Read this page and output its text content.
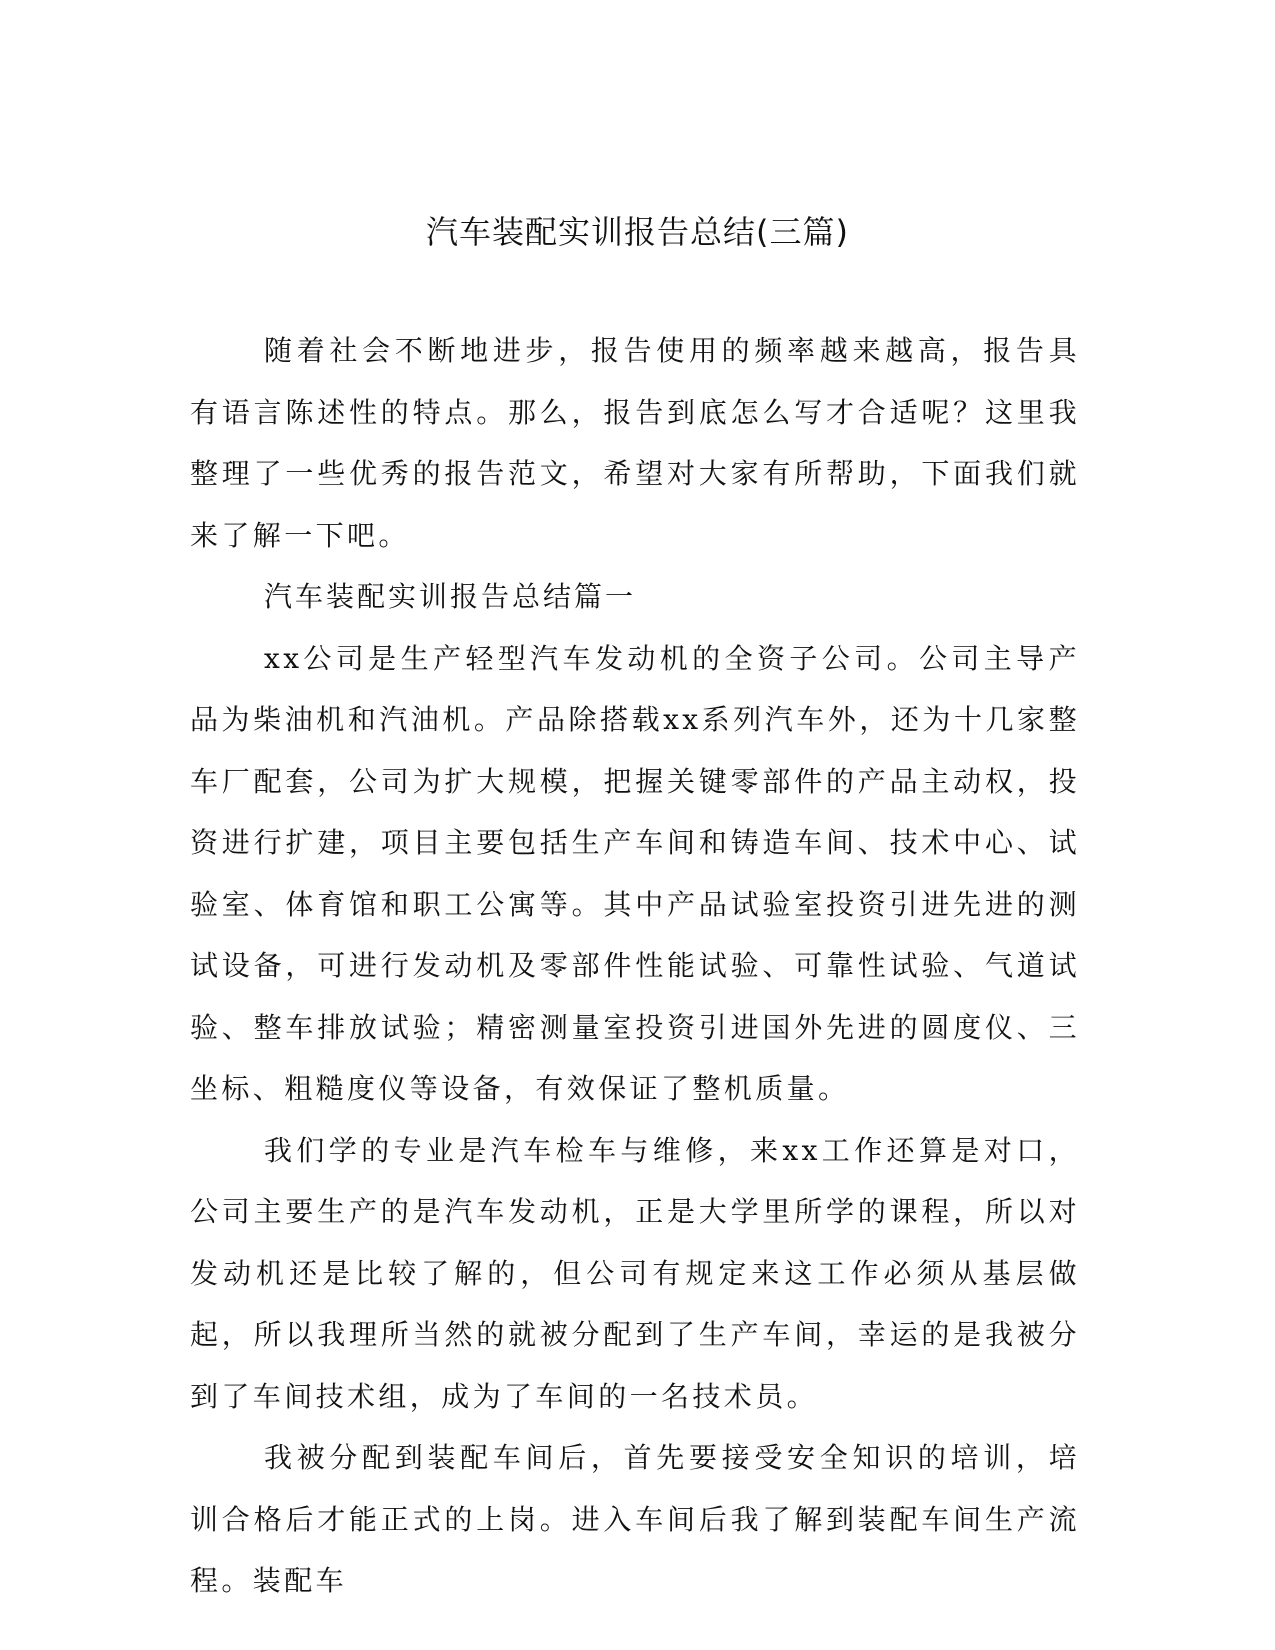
汽车装配实训报告总结(三篇)

随着社会不断地进步，报告使用的频率越来越高，报告具有语言陈述性的特点。那么，报告到底怎么写才合适呢？这里我整理了一些优秀的报告范文，希望对大家有所帮助，下面我们就来了解一下吧。

汽车装配实训报告总结篇一

xx公司是生产轻型汽车发动机的全资子公司。公司主导产品为柴油机和汽油机。产品除搭载xx系列汽车外，还为十几家整车厂配套，公司为扩大规模，把握关键零部件的产品主动权，投资进行扩建，项目主要包括生产车间和铸造车间、技术中心、试验室、体育馆和职工公寓等。其中产品试验室投资引进先进的测试设备，可进行发动机及零部件性能试验、可靠性试验、气道试验、整车排放试验；精密测量室投资引进国外先进的圆度仪、三坐标、粗糙度仪等设备，有效保证了整机质量。

我们学的专业是汽车检车与维修，来xx工作还算是对口，公司主要生产的是汽车发动机，正是大学里所学的课程，所以对发动机还是比较了解的，但公司有规定来这工作必须从基层做起，所以我理所当然的就被分配到了生产车间，幸运的是我被分到了车间技术组，成为了车间的一名技术员。

我被分配到装配车间后，首先要接受安全知识的培训，培训合格后才能正式的上岗。进入车间后我了解到装配车间生产流程。装配车
